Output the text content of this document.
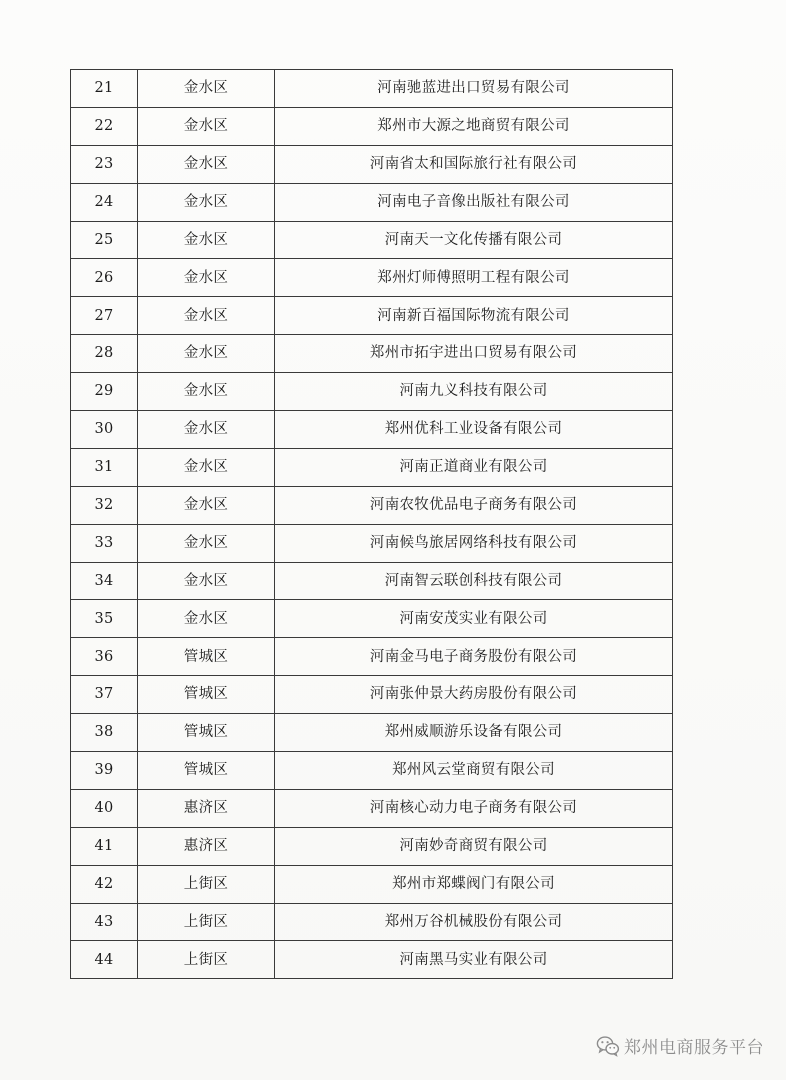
21	金水区	河南驰蓝进出口贸易有限公司
22	金水区	郑州市大源之地商贸有限公司
23	金水区	河南省太和国际旅行社有限公司
24	金水区	河南电子音像出版社有限公司
25	金水区	河南天一文化传播有限公司
26	金水区	郑州灯师傅照明工程有限公司
27	金水区	河南新百福国际物流有限公司
28	金水区	郑州市拓宇进出口贸易有限公司
29	金水区	河南九义科技有限公司
30	金水区	郑州优科工业设备有限公司
31	金水区	河南正道商业有限公司
32	金水区	河南农牧优品电子商务有限公司
33	金水区	河南候鸟旅居网络科技有限公司
34	金水区	河南智云联创科技有限公司
35	金水区	河南安茂实业有限公司
36	管城区	河南金马电子商务股份有限公司
37	管城区	河南张仲景大药房股份有限公司
38	管城区	郑州威顺游乐设备有限公司
39	管城区	郑州风云堂商贸有限公司
40	惠济区	河南核心动力电子商务有限公司
41	惠济区	河南妙奇商贸有限公司
42	上街区	郑州市郑蝶阀门有限公司
43	上街区	郑州万谷机械股份有限公司
44	上街区	河南黑马实业有限公司
郑州电商服务平台
